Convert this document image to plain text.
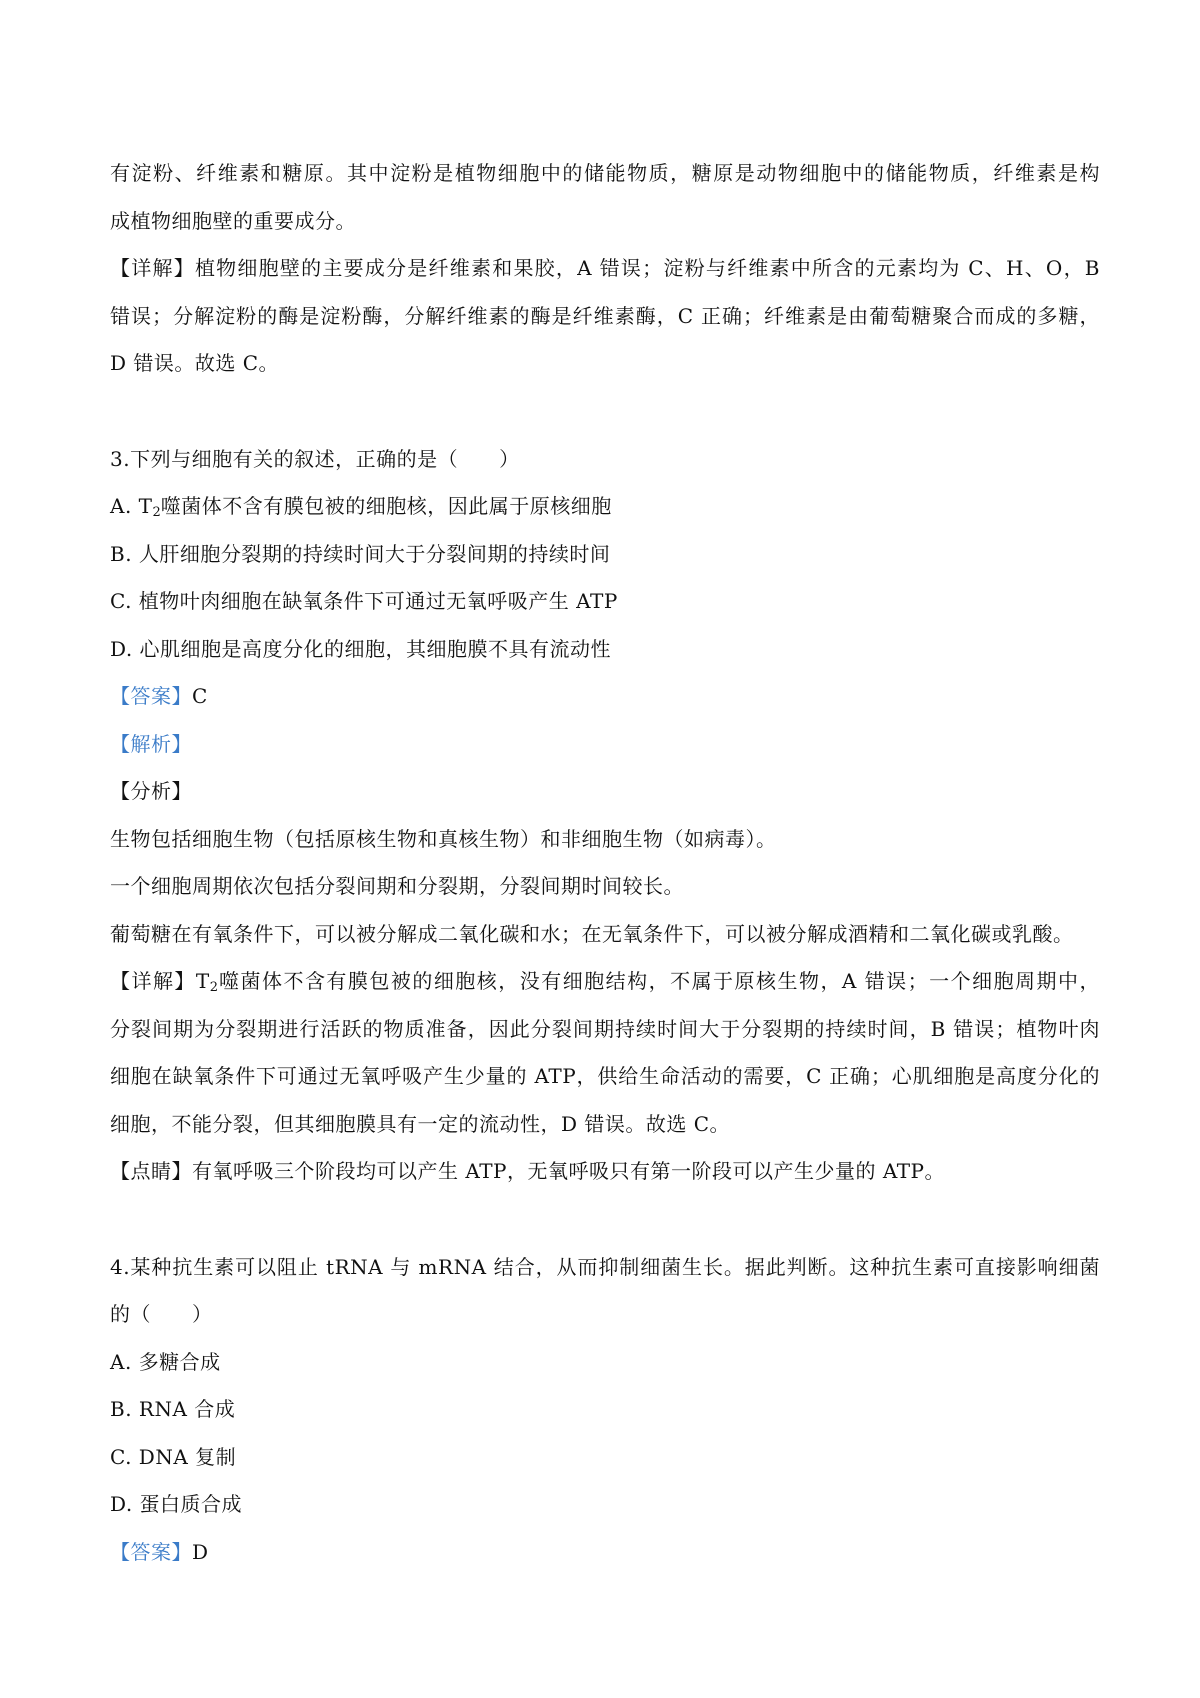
有淀粉、纤维素和糖原。其中淀粉是植物细胞中的储能物质，糖原是动物细胞中的储能物质，纤维素是构
成植物细胞壁的重要成分。
【详解】植物细胞壁的主要成分是纤维素和果胶，A 错误；淀粉与纤维素中所含的元素均为 C、H、O，B
错误；分解淀粉的酶是淀粉酶，分解纤维素的酶是纤维素酶，C 正确；纤维素是由葡萄糖聚合而成的多糖，
D 错误。故选 C。
3.下列与细胞有关的叙述，正确的是（　　）
A. $T_2$噬菌体不含有膜包被的细胞核，因此属于原核细胞
B. 人肝细胞分裂期的持续时间大于分裂间期的持续时间
C. 植物叶肉细胞在缺氧条件下可通过无氧呼吸产生 ATP
D. 心肌细胞是高度分化的细胞，其细胞膜不具有流动性
【答案】C
【解析】
【分析】
生物包括细胞生物（包括原核生物和真核生物）和非细胞生物（如病毒）。
一个细胞周期依次包括分裂间期和分裂期，分裂间期时间较长。
葡萄糖在有氧条件下，可以被分解成二氧化碳和水；在无氧条件下，可以被分解成酒精和二氧化碳或乳酸。
【详解】$T_2$噬菌体不含有膜包被的细胞核，没有细胞结构，不属于原核生物，A 错误；一个细胞周期中，
分裂间期为分裂期进行活跃的物质准备，因此分裂间期持续时间大于分裂期的持续时间，B 错误；植物叶肉
细胞在缺氧条件下可通过无氧呼吸产生少量的 ATP，供给生命活动的需要，C 正确；心肌细胞是高度分化的
细胞，不能分裂，但其细胞膜具有一定的流动性，D 错误。故选 C。
【点睛】有氧呼吸三个阶段均可以产生 ATP，无氧呼吸只有第一阶段可以产生少量的 ATP。
4.某种抗生素可以阻止 tRNA 与 mRNA 结合，从而抑制细菌生长。据此判断。这种抗生素可直接影响细菌
的（　　）
A. 多糖合成
B. RNA 合成
C. DNA 复制
D. 蛋白质合成
【答案】D
